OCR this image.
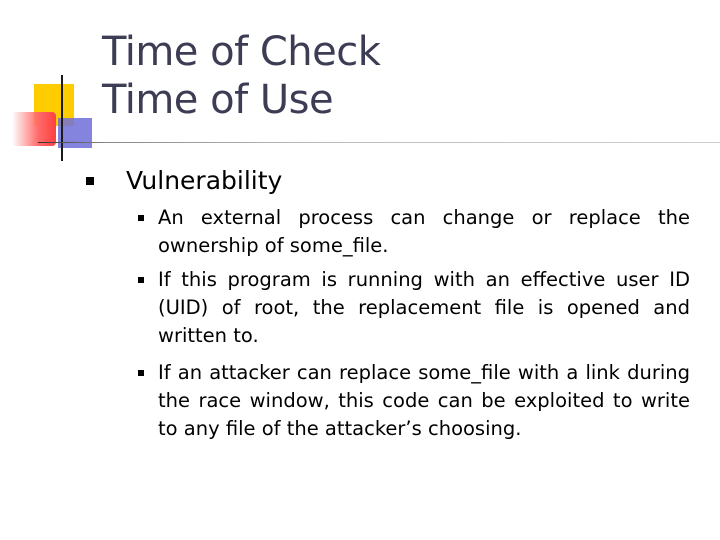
Time of Check
Time of Use

Vulnerability

An external process can change or replace the ownership of some_file.

If this program is running with an effective user ID (UID) of root, the replacement file is opened and written to.

If an attacker can replace some_file with a link during the race window, this code can be exploited to write to any file of the attacker’s choosing.
